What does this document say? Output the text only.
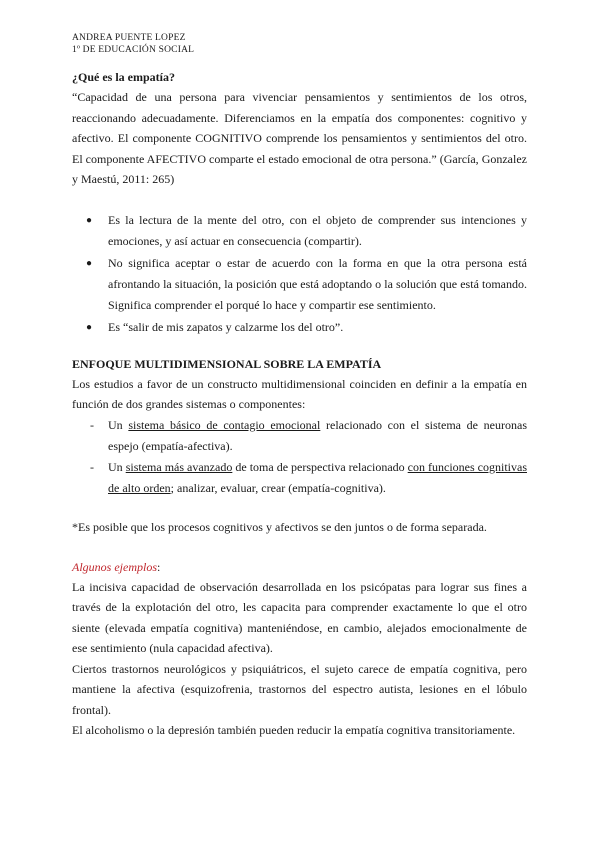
ANDREA PUENTE LOPEZ
1º DE EDUCACIÓN SOCIAL
¿Qué es la empatía?
“Capacidad de una persona para vivenciar pensamientos y sentimientos de los otros, reaccionando adecuadamente. Diferenciamos en la empatía dos componentes: cognitivo y afectivo. El componente COGNITIVO comprende los pensamientos y sentimientos del otro. El componente AFECTIVO comparte el estado emocional de otra persona.” (García, Gonzalez y Maestú, 2011: 265)
● Es la lectura de la mente del otro, con el objeto de comprender sus intenciones y emociones, y así actuar en consecuencia (compartir).
● No significa aceptar o estar de acuerdo con la forma en que la otra persona está afrontando la situación, la posición que está adoptando o la solución que está tomando. Significa comprender el porqué lo hace y compartir ese sentimiento.
● Es “salir de mis zapatos y calzarme los del otro”.
ENFOQUE MULTIDIMENSIONAL SOBRE LA EMPATÍA
Los estudios a favor de un constructo multidimensional coinciden en definir a la empatía en función de dos grandes sistemas o componentes:
- Un sistema básico de contagio emocional relacionado con el sistema de neuronas espejo (empatía-afectiva).
- Un sistema más avanzado de toma de perspectiva relacionado con funciones cognitivas de alto orden; analizar, evaluar, crear (empatía-cognitiva).
*Es posible que los procesos cognitivos y afectivos se den juntos o de forma separada.
Algunos ejemplos:
La incisiva capacidad de observación desarrollada en los psicópatas para lograr sus fines a través de la explotación del otro, les capacita para comprender exactamente lo que el otro siente (elevada empatía cognitiva) manteniéndose, en cambio, alejados emocionalmente de ese sentimiento (nula capacidad afectiva).
Ciertos trastornos neurológicos y psiquiátricos, el sujeto carece de empatía cognitiva, pero mantiene la afectiva (esquizofrenia, trastornos del espectro autista, lesiones en el lóbulo frontal).
El alcoholismo o la depresión también pueden reducir la empatía cognitiva transitoriamente.
